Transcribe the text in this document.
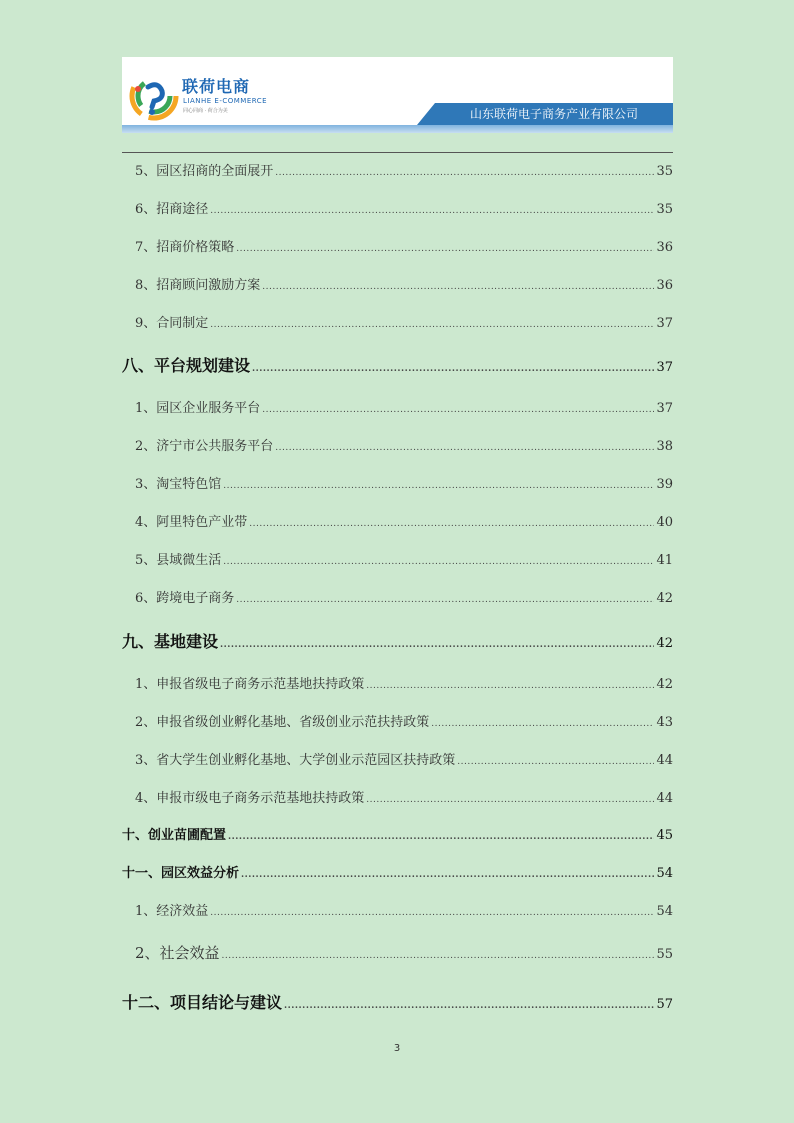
联荷电商
LIANHE E-COMMERCE
同心同商 · 荷合为美	山东联荷电子商务产业有限公司
5、园区招商的全面展开 .....	35
6、招商途径 .....	35
7、招商价格策略 .....	36
8、招商顾问激励方案 .....	36
9、合同制定 .....	37
八、平台规划建设 .....	37
1、园区企业服务平台 .....	37
2、济宁市公共服务平台 .....	38
3、淘宝特色馆 .....	39
4、阿里特色产业带 .....	40
5、县域微生活 .....	41
6、跨境电子商务 .....	42
九、基地建设 .....	42
1、申报省级电子商务示范基地扶持政策 .....	42
2、申报省级创业孵化基地、省级创业示范扶持政策 .....	43
3、省大学生创业孵化基地、大学创业示范园区扶持政策 .....	44
4、申报市级电子商务示范基地扶持政策 .....	44
十、创业苗圃配置 .....	45
十一、园区效益分析 .....	54
1、经济效益 .....	54
2、社会效益 .....	55
十二、项目结论与建议 .....	57
3
